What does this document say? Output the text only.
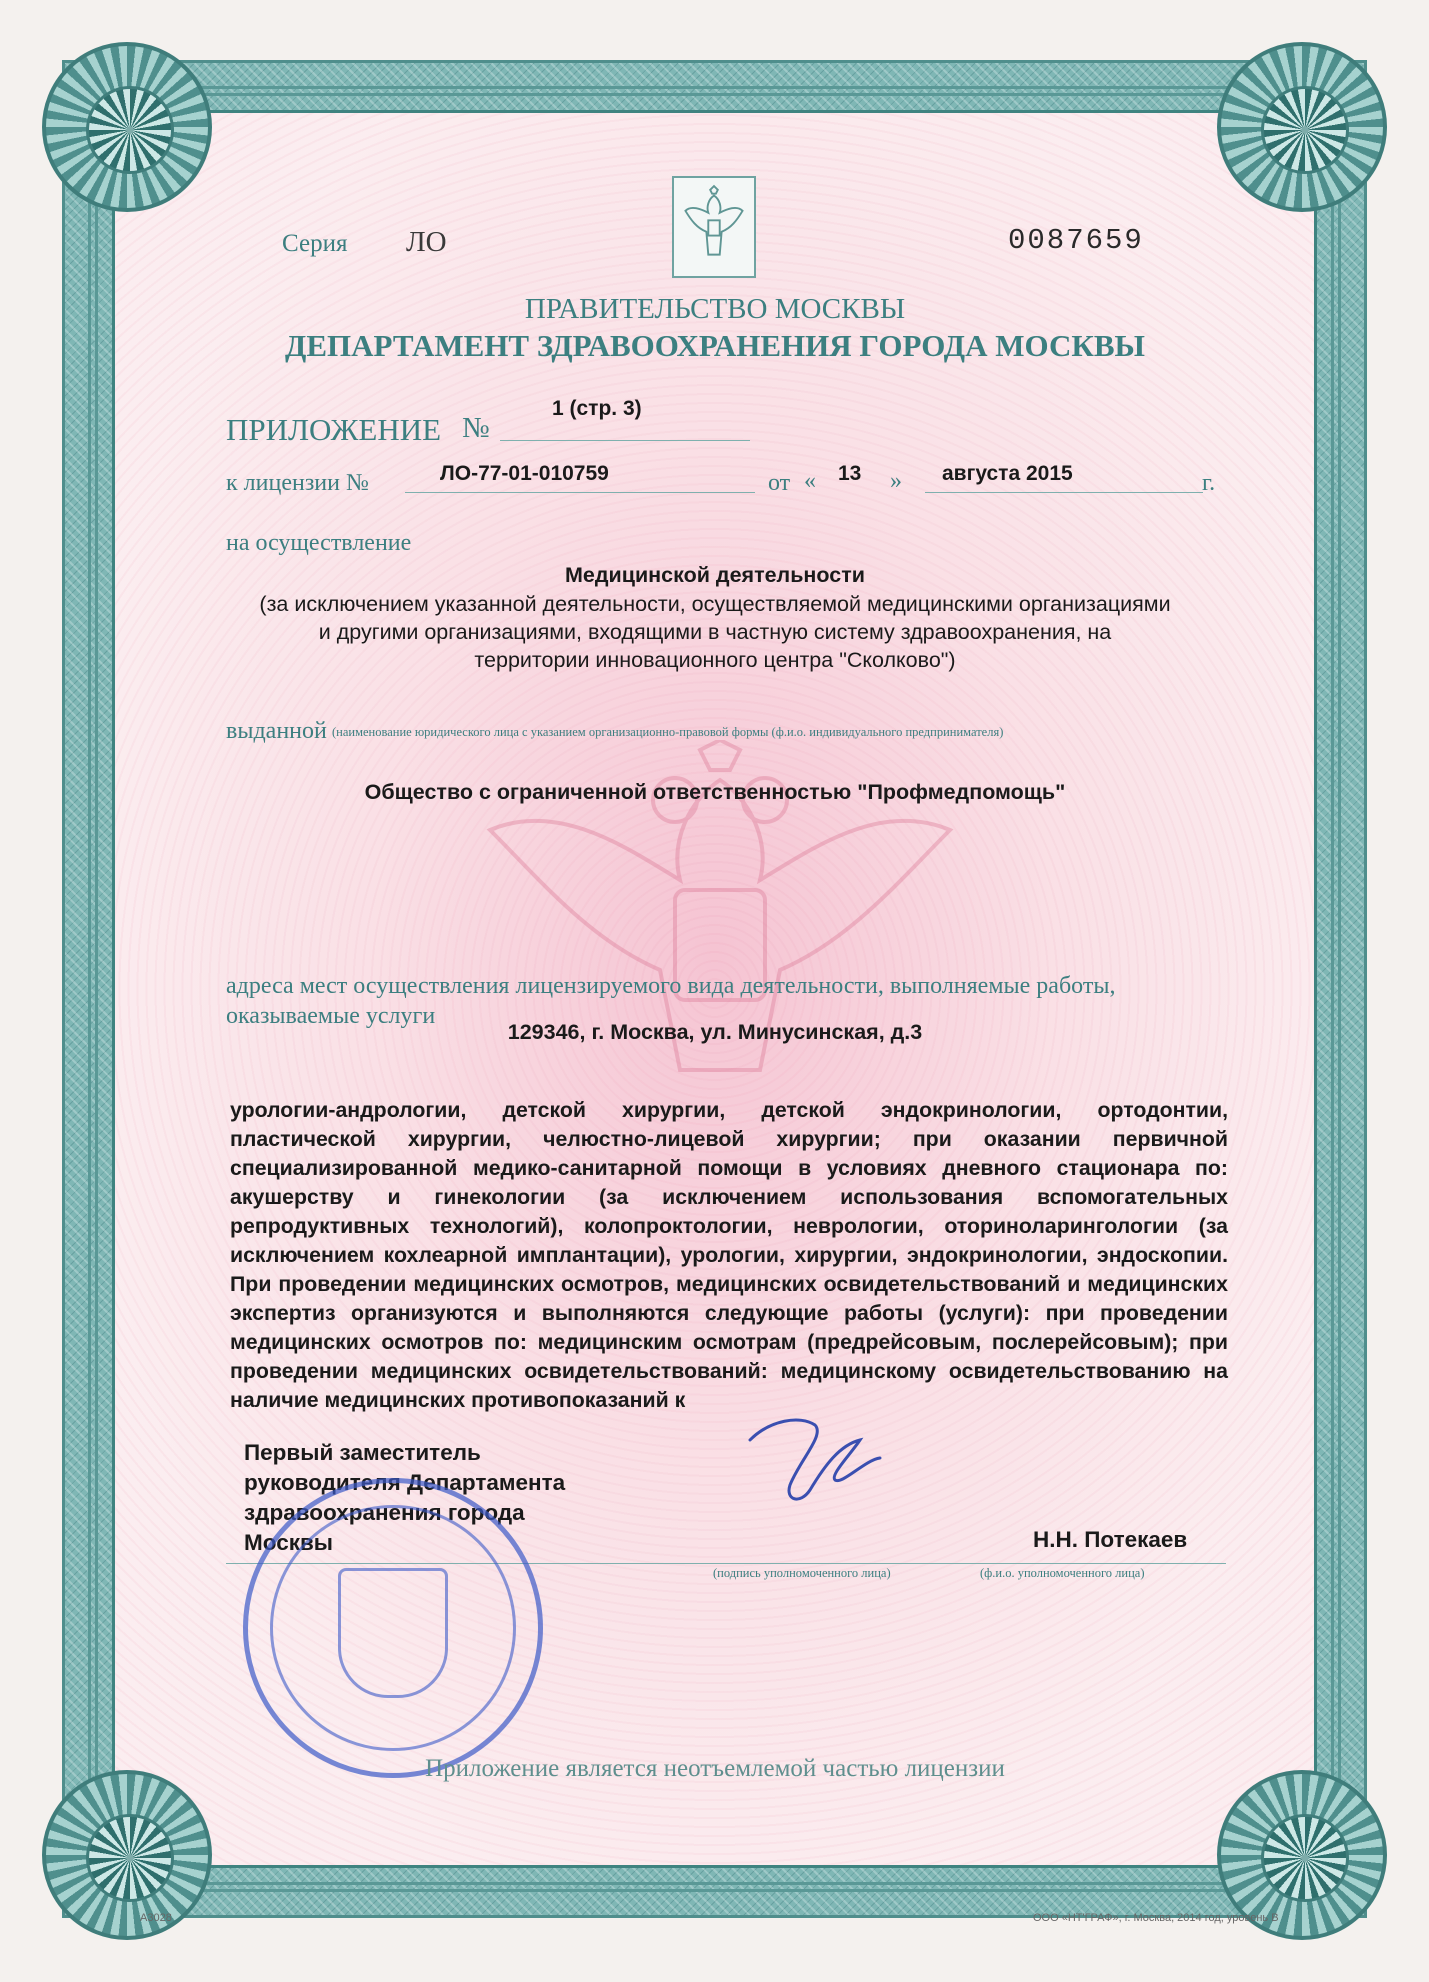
Серия ЛО	0087659

ПРАВИТЕЛЬСТВО МОСКВЫ

ДЕПАРТАМЕНТ ЗДРАВООХРАНЕНИЯ ГОРОДА МОСКВЫ

ПРИЛОЖЕНИЕ №

1 (стр. 3)

к лицензии №	ЛО-77-01-010759	от « 13 » августа 2015	г.

на осуществление

Медицинской деятельности

(за исключением указанной деятельности, осуществляемой медицинскими организациями

и другими организациями, входящими в частную систему здравоохранения, на

территории инновационного центра "Сколково")

выданной (наименование юридического лица с указанием организационно-правовой формы (ф.и.о. индивидуального предпринимателя)

Общество с ограниченной ответственностью "Профмедпомощь"

адреса мест осуществления лицензируемого вида деятельности, выполняемые работы,

оказываемые услуги

129346, г. Москва, ул. Минусинская, д.3

урологии-андрологии, детской хирургии, детской эндокринологии, ортодонтии, пластической хирургии, челюстно-лицевой хирургии; при оказании первичной специализированной медико-санитарной помощи в условиях дневного стационара по: акушерству и гинекологии (за исключением использования вспомогательных репродуктивных технологий), колопроктологии, неврологии, оториноларингологии (за исключением кохлеарной имплантации), урологии, хирургии, эндокринологии, эндоскопии. При проведении медицинских осмотров, медицинских освидетельствований и медицинских экспертиз организуются и выполняются следующие работы (услуги): при проведении медицинских осмотров по: медицинским осмотрам (предрейсовым, послерейсовым); при проведении медицинских освидетельствований: медицинскому освидетельствованию на наличие медицинских противопоказаний к

Первый заместитель

руководителя Департамента

здравоохранения города

Москвы	Н.Н. Потекаев

(подпись уполномоченного лица)	(ф.и.о. уполномоченного лица)

Приложение является неотъемлемой частью лицензии

А3028	ООО «НТ'ГРАФ», г. Москва, 2014 год, уровень В
